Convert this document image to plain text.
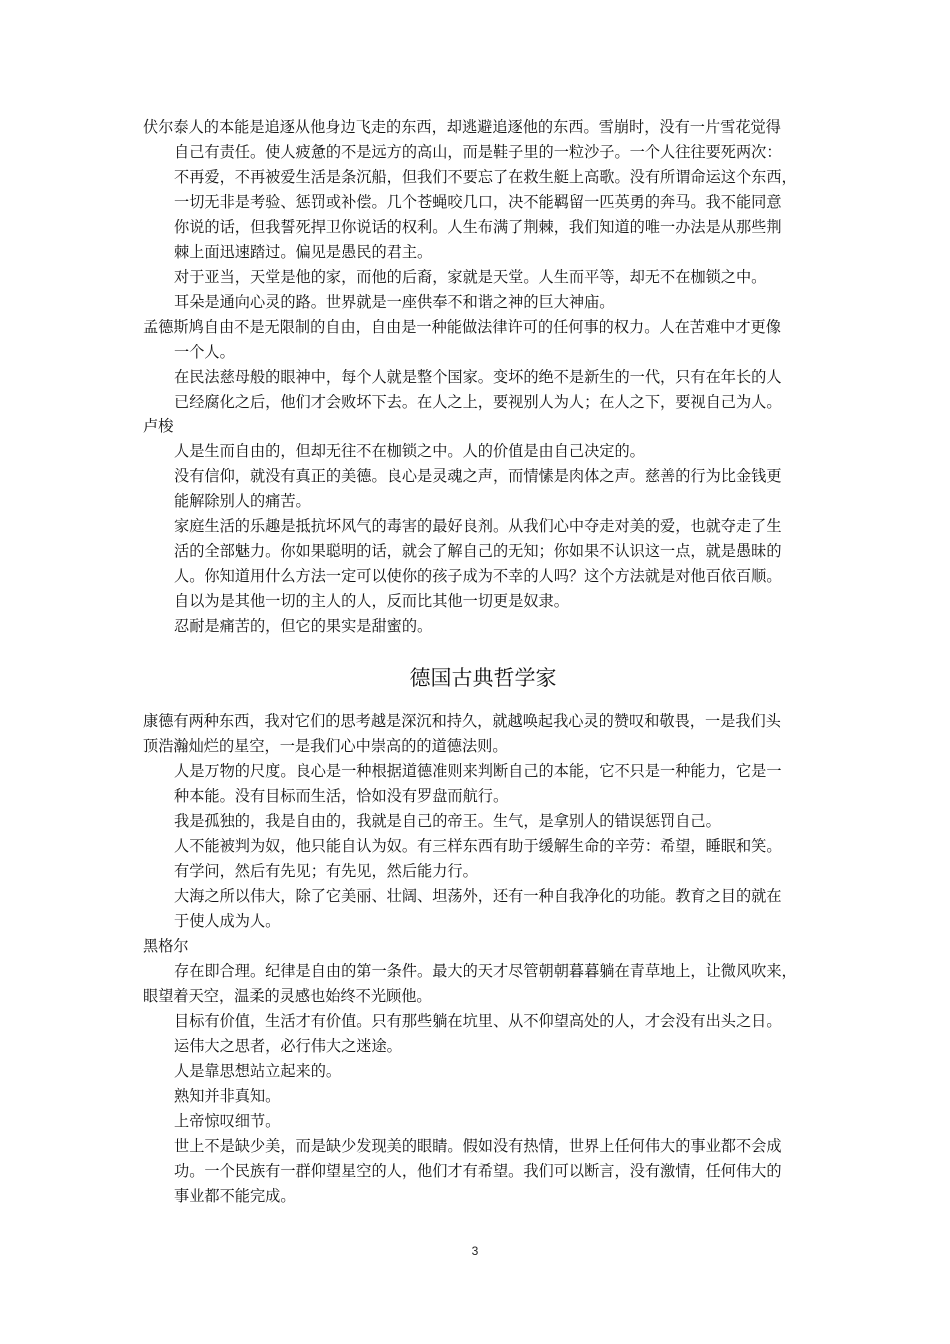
伏尔泰人的本能是追逐从他身边飞走的东西，却逃避追逐他的东西。雪崩时，没有一片雪花觉得
自己有责任。使人疲惫的不是远方的高山，而是鞋子里的一粒沙子。一个人往往要死两次：
不再爱，不再被爱生活是条沉船，但我们不要忘了在救生艇上高歌。没有所谓命运这个东西，
一切无非是考验、惩罚或补偿。几个苍蝇咬几口，决不能羁留一匹英勇的奔马。我不能同意
你说的话，但我誓死捍卫你说话的权利。人生布满了荆棘，我们知道的唯一办法是从那些荆
棘上面迅速踏过。偏见是愚民的君主。
对于亚当，天堂是他的家，而他的后裔，家就是天堂。人生而平等，却无不在枷锁之中。
耳朵是通向心灵的路。世界就是一座供奉不和谐之神的巨大神庙。
孟德斯鸠自由不是无限制的自由，自由是一种能做法律许可的任何事的权力。人在苦难中才更像
一个人。
在民法慈母般的眼神中，每个人就是整个国家。变坏的绝不是新生的一代，只有在年长的人
已经腐化之后，他们才会败坏下去。在人之上，要视别人为人；在人之下，要视自己为人。
卢梭
人是生而自由的，但却无往不在枷锁之中。人的价值是由自己决定的。
没有信仰，就没有真正的美德。良心是灵魂之声，而情愫是肉体之声。慈善的行为比金钱更
能解除别人的痛苦。
家庭生活的乐趣是抵抗坏风气的毒害的最好良剂。从我们心中夺走对美的爱，也就夺走了生
活的全部魅力。你如果聪明的话，就会了解自己的无知；你如果不认识这一点，就是愚昧的
人。你知道用什么方法一定可以使你的孩子成为不幸的人吗？这个方法就是对他百依百顺。
自以为是其他一切的主人的人，反而比其他一切更是奴隶。
忍耐是痛苦的，但它的果实是甜蜜的。
德国古典哲学家
康德有两种东西，我对它们的思考越是深沉和持久，就越唤起我心灵的赞叹和敬畏，一是我们头
顶浩瀚灿烂的星空，一是我们心中崇高的的道德法则。
人是万物的尺度。良心是一种根据道德准则来判断自己的本能，它不只是一种能力，它是一
种本能。没有目标而生活，恰如没有罗盘而航行。
我是孤独的，我是自由的，我就是自己的帝王。生气，是拿别人的错误惩罚自己。
人不能被判为奴，他只能自认为奴。有三样东西有助于缓解生命的辛劳：希望，睡眠和笑。
有学问，然后有先见；有先见，然后能力行。
大海之所以伟大，除了它美丽、壮阔、坦荡外，还有一种自我净化的功能。教育之目的就在
于使人成为人。
黑格尔
存在即合理。纪律是自由的第一条件。最大的天才尽管朝朝暮暮躺在青草地上，让微风吹来，
眼望着天空，温柔的灵感也始终不光顾他。
目标有价值，生活才有价值。只有那些躺在坑里、从不仰望高处的人，才会没有出头之日。
运伟大之思者，必行伟大之迷途。
人是靠思想站立起来的。
熟知并非真知。
上帝惊叹细节。
世上不是缺少美，而是缺少发现美的眼睛。假如没有热情，世界上任何伟大的事业都不会成
功。一个民族有一群仰望星空的人，他们才有希望。我们可以断言，没有激情，任何伟大的
事业都不能完成。
3
